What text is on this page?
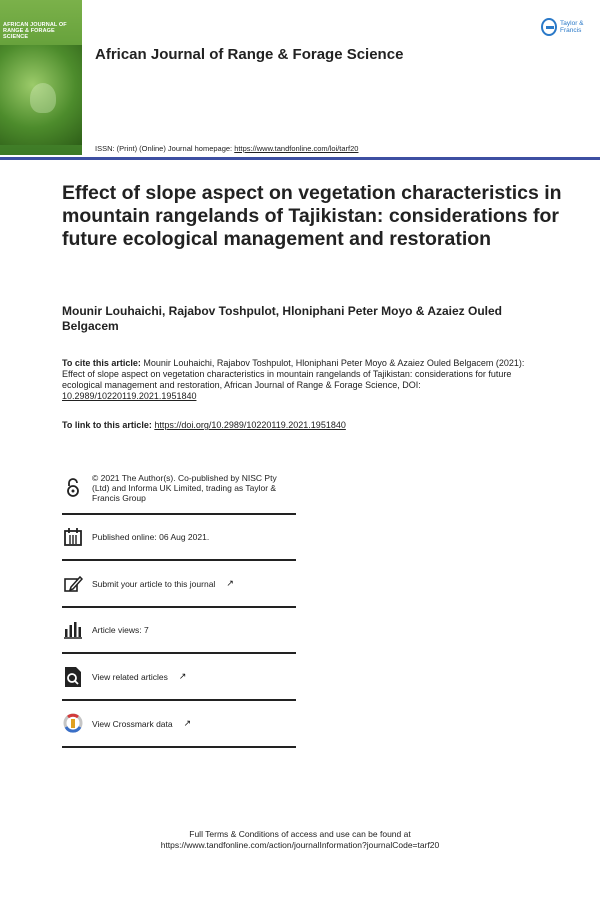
AFRICAN JOURNAL OF RANGE & FORAGE SCIENCE
African Journal of Range & Forage Science
Taylor & Francis
ISSN: (Print) (Online) Journal homepage: https://www.tandfonline.com/loi/tarf20
Effect of slope aspect on vegetation characteristics in mountain rangelands of Tajikistan: considerations for future ecological management and restoration
Mounir Louhaichi, Rajabov Toshpulot, Hloniphani Peter Moyo & Azaiez Ouled Belgacem
To cite this article: Mounir Louhaichi, Rajabov Toshpulot, Hloniphani Peter Moyo & Azaiez Ouled Belgacem (2021): Effect of slope aspect on vegetation characteristics in mountain rangelands of Tajikistan: considerations for future ecological management and restoration, African Journal of Range & Forage Science, DOI: 10.2989/10220119.2021.1951840
To link to this article: https://doi.org/10.2989/10220119.2021.1951840
© 2021 The Author(s). Co-published by NISC Pty (Ltd) and Informa UK Limited, trading as Taylor & Francis Group
Published online: 06 Aug 2021.
Submit your article to this journal ↗
Article views: 7
View related articles ↗
View Crossmark data ↗
Full Terms & Conditions of access and use can be found at
https://www.tandfonline.com/action/journalInformation?journalCode=tarf20
